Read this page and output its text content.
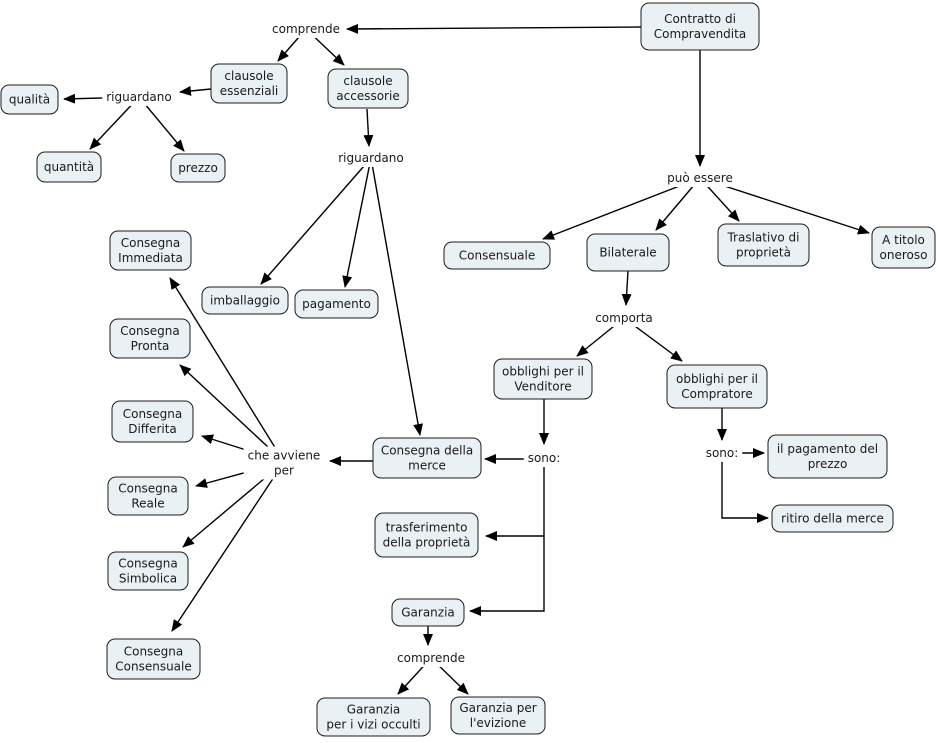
Contratto di
Compravendita
clausole
essenziali
clausole
accessorie
qualità
quantità	prezzo
imballaggio pagamento
Consensuale	Bilaterale
Traslativo di
proprietà
A titolo
oneroso
obblighi per il
Venditore
obblighi per il
Compratore
il pagamento del
prezzo
ritiro della merce
Consegna
Immediata
Consegna
Pronta
Consegna
Differita
Consegna
Reale
Consegna
Simbolica
Consegna
Consensuale
Consegna della
merce
trasferimento
della proprietà
Garanzia
Garanzia
per i vizi occulti
Garanzia per
l'evizione
comprende
riguardano
riguardano
può essere
comporta
sono:	sono:
che avviene
per
comprende
